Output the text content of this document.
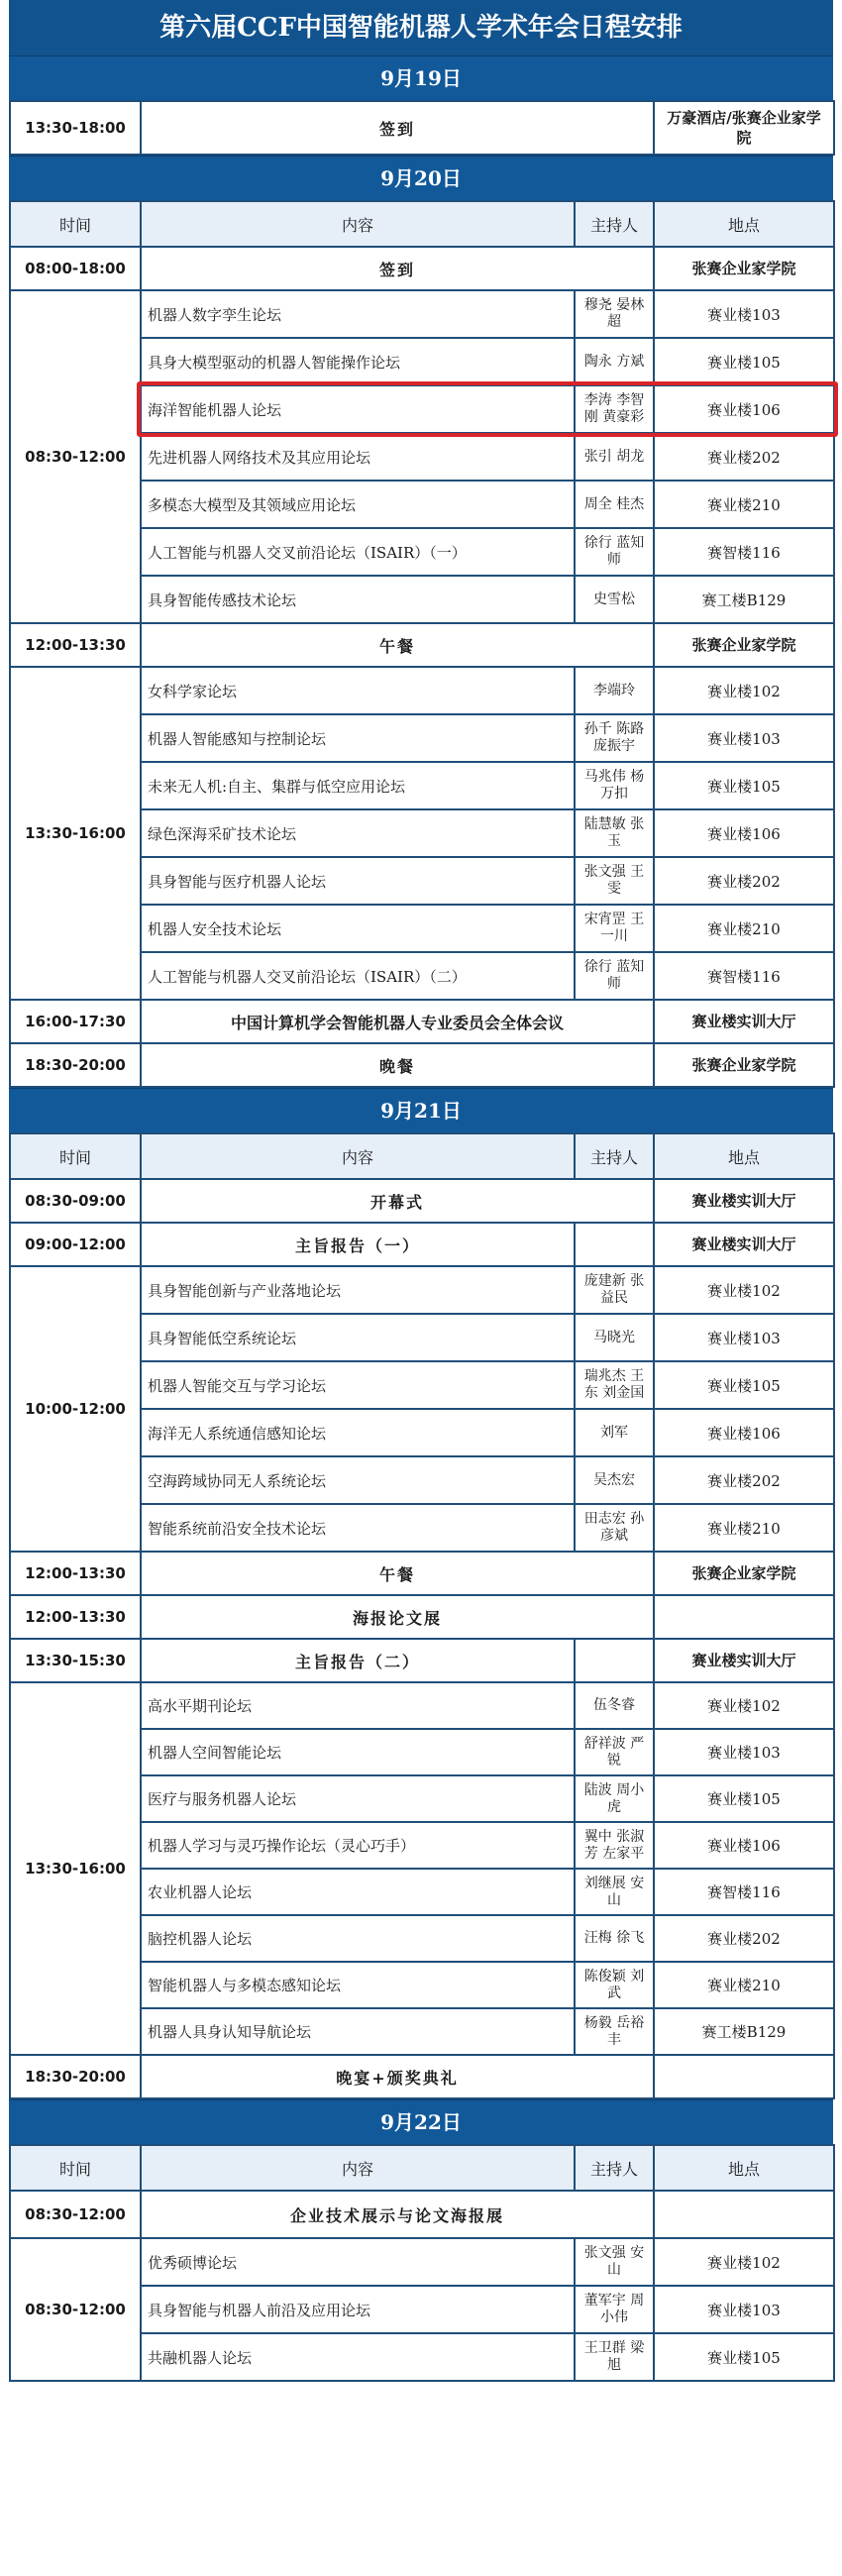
第六届CCF中国智能机器人学术年会日程安排
9月19日
13:30-18:00	签到	万豪酒店/张赛企业家学院
9月20日
时间	内容	主持人	地点
08:00-18:00	签到		张赛企业家学院
08:30-12:00	机器人数字孪生论坛	穆尧 晏林超	赛业楼103
	具身大模型驱动的机器人智能操作论坛	陶永 方斌	赛业楼105
	海洋智能机器人论坛	李涛 李智刚 黄豪彩	赛业楼106
	先进机器人网络技术及其应用论坛	张引 胡龙	赛业楼202
	多模态大模型及其领域应用论坛	周全 桂杰	赛业楼210
	人工智能与机器人交叉前沿论坛（ISAIR）（一）	徐行 蓝知师	赛智楼116
	具身智能传感技术论坛	史雪松	赛工楼B129
12:00-13:30	午餐		张赛企业家学院
13:30-16:00	女科学家论坛	李端玲	赛业楼102
	机器人智能感知与控制论坛	孙千 陈路 庞振宇	赛业楼103
	未来无人机:自主、集群与低空应用论坛	马兆伟 杨万扣	赛业楼105
	绿色深海采矿技术论坛	陆慧敏 张玉	赛业楼106
	具身智能与医疗机器人论坛	张文强 王雯	赛业楼202
	机器人安全技术论坛	宋宵罡 王一川	赛业楼210
	人工智能与机器人交叉前沿论坛（ISAIR）（二）	徐行 蓝知师	赛智楼116
16:00-17:30	中国计算机学会智能机器人专业委员会全体会议		赛业楼实训大厅
18:30-20:00	晚餐		张赛企业家学院
9月21日
时间	内容	主持人	地点
08:30-09:00	开幕式		赛业楼实训大厅
09:00-12:00	主旨报告（一）		赛业楼实训大厅
10:00-12:00	具身智能创新与产业落地论坛	庞建新 张益民	赛业楼102
	具身智能低空系统论坛	马晓光	赛业楼103
	机器人智能交互与学习论坛	瑞兆杰 王东 刘金国	赛业楼105
	海洋无人系统通信感知论坛	刘军	赛业楼106
	空海跨域协同无人系统论坛	吴杰宏	赛业楼202
	智能系统前沿安全技术论坛	田志宏 孙彦斌	赛业楼210
12:00-13:30	午餐		张赛企业家学院
12:00-13:30	海报论文展		
13:30-15:30	主旨报告（二）		赛业楼实训大厅
13:30-16:00	高水平期刊论坛	伍冬睿	赛业楼102
	机器人空间智能论坛	舒祥波 严锐	赛业楼103
	医疗与服务机器人论坛	陆波 周小虎	赛业楼105
	机器人学习与灵巧操作论坛（灵心巧手）	翼中 张淑芳 左家平	赛业楼106
	农业机器人论坛	刘继展 安山	赛智楼116
	脑控机器人论坛	汪梅 徐飞	赛业楼202
	智能机器人与多模态感知论坛	陈俊颖 刘武	赛业楼210
	机器人具身认知导航论坛	杨毅 岳裕丰	赛工楼B129
18:30-20:00	晚宴+颁奖典礼		
9月22日
时间	内容	主持人	地点
08:30-12:00	企业技术展示与论文海报展		
08:30-12:00	优秀硕博论坛	张文强 安山	赛业楼102
	具身智能与机器人前沿及应用论坛	董军宇 周小伟	赛业楼103
	共融机器人论坛	王卫群 梁旭	赛业楼105
